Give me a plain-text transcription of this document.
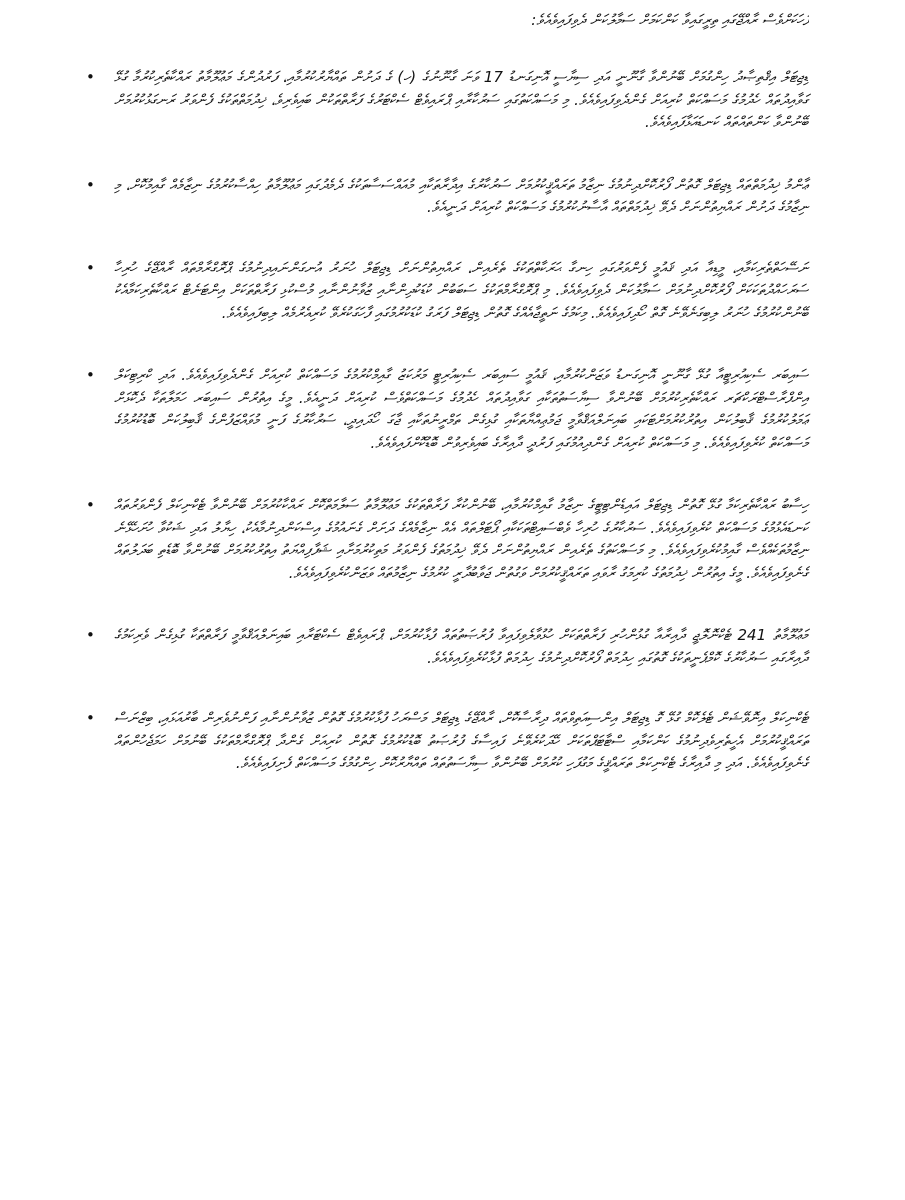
ފަހަކަށްވެސް ރާއްޖޭގައި ތިރީގައިވާ ކަންކަމަށް ސަމާލުކަން ދެވިފައިވެއެވެ:
• ޑިޖިޓަލް އިޤްތިޞާދު ހިންގުމަށް ބޭނުންވާ ގާނޫނީ އަދި ސިޔާސީ އޮނިގަނޑު 17 ވަނަ ގާނޫނުގެ (ހ) ގެ ދަށުން ތައްޔާރުކުރުމާއި، ފަރުދުންގެ މަޢުލޫމާތު ރައްކާތެރިކުރުމާ ގުޅޭ ގަވާއިދުތައް ހެދުމުގެ މަސައްކަތް ކުރިއަށް ގެންދެވިފައިވެއެވެ. މި މަސައްކަތުގައި ސަރުކާރާއި ޕްރައިވެޓް ސެކްޓަރުގެ ފަރާތްތަކުން ބައިވެރިވެ، ޚިދުމަތްތަކުގެ ފެންވަރު ރަނގަޅުކުރުމަށް ބޭނުންވާ ކަންތައްތައް ކަނޑައަޅާފައިވެއެވެ.
• ޢާންމު ޚިދުމަތްތައް ޑިޖިޓަލް ގޮތުން ފޯރުކޮށްދިނުމުގެ ނިޒާމު ތަރައްޤީކުރުމަށް ސަރުކާރުގެ އިދާރާތަކާއި މުއައްސަސާތަކުގެ ދެމެދުގައި މަޢުލޫމާތު ހިއްސާކުރުމުގެ ނިޒާމެއް ގާއިމުކޮށް، މި ނިޒާމުގެ ދަށުން ރައްޔިތުންނަށް ދެވޭ ޚިދުމަތްތައް އާސާނުކުރުމުގެ މަސައްކަތް ކުރިއަށް ދަނީއެވެ.
• ނަސޭހަތްތެރިކަމާއި، މީޑިއާ އަދި ޤައުމީ ފެންވަރުގައި ހިނގާ ޙަރަކާތްތަކުގެ ތެރެއިން، ރައްޔިތުންނަށް ޑިޖިޓަލް ހުނަރު އުނގަންނައިދިނުމުގެ ޕްރޮގްރާމްތައް ރާއްޖޭގެ ހުރިހާ ސަރަހައްދުތަކަކަށް ފޯރުކޮށްދިނުމަށް ސަމާލުކަން ދެވިފައިވެއެވެ. މި ޕްރޮގްރާމްތަކުގެ ސަބަބުން ކުޑަކުދިންނާއި ޒުވާނުންނާއި މުސްކުޅި ފަރާތްތަކަށް އިންޓަނެޓް ރައްކާތެރިކަމާއެކު ބޭނުންކުރުމުގެ ހުނަރު ލިބިގަނެވޭނެ ގޮތް ހޯދިފައިވެއެވެ. މިކަމުގެ ނަތީޖާއެއްގެ ގޮތުން ޑިޖިޓަލް ފަރަގު ކުޑަކުރުމުގައި ފާހަގަކުރެވޭ ކުރިއެރުމެއް ލިބިފައިވެއެވެ.
• ސައިބަރ ސެކިއުރިޓީއާ ގުޅޭ ގާނޫނީ އޮނިގަނޑު ވަޒަންކުރުމާއި، ޤައުމީ ސައިބަރ ސެކިއުރިޓީ މަރުކަޒު ގާއިމްކުރުމުގެ މަސައްކަތް ކުރިއަށް ގެންދެވިފައިވެއެވެ. އަދި ކްރިޓިކަލް އިންފްރާސްޓްރަކްޗަރ ރައްކާތެރިކުރުމަށް ބޭނުންވާ ސިޔާސަތުތަކާއި ގަވާއިދުތައް ހެދުމުގެ މަސައްކަތްވެސް ކުރިއަށް ދަނީއެވެ. މީގެ އިތުރުން ސައިބަރ ހަމަލާތަކާ ދެކޮޅަށް ޢަމަލުކުރުމުގެ ޤާބިލުކަން އިތުރުކުރުމަށްޓަކައި ބައިނަލްއަޤްވާމީ ޖަމުޢިއްޔާތަކާއި ގުޅިގެން ތަމްރީނުތަކާއި ޖާގަ ހޯދައިދީ، ސަރުކާރުގެ ފަނީ މުވައްޒަފުންގެ ޤާބިލުކަން ބޮޑުކުރުމުގެ މަސައްކަތް ކުރެވިފައިވެއެވެ. މި މަސައްކަތް ކުރިއަށް ގެންދިއުމުގައި ފަރުދީ ދާއިރާގެ ބައިވެރިވުން ބޮޑުކޮށްފައިވެއެވެ.
• ހިސާބު ރައްކާތެރިކަމާ ގުޅޭ ގޮތުން ޑިޖިޓަލް އައިޑެންޓިޓީގެ ނިޒާމު ގާއިމްކުރުމާއި، ބޭނުންކުރާ ފަރާތްތަކުގެ މަޢުލޫމާތު ސަލާމަތްކޮށް ރައްކާކުރުމަށް ބޭނުންވާ ޓެކްނިކަލް ފެންވަރުތައް ކަނޑައެޅުމުގެ މަސައްކަތް ކުރެވިފައިވެއެވެ. ސަރުކާރުގެ ހުރިހާ ވެބްސައިޓްތަކަކާއި ޕޯޓަލްތައް އެއް ނިޒާމެއްގެ ދަށަށް ގެނައުމުގެ އިސްކަންދިނުމާއެކު، ހިޔާލު އަދި ޝަކުވާ ހުށަހެޅޭނެ ނިޒާމުތަކެއްވެސް ގާއިމުކުރެވިފައިވެއެވެ. މި މަސައްކަތުގެ ތެރެއިން ރައްޔިތުންނަށް ދެވޭ ޚިދުމަތުގެ ފެންވަރު މަތިކުރުމަށާއި ޝަފާފިއްޔަތު އިތުރުކުރުމަށް ބޭނުންވާ ބޮޑެތި ބަދަލުތައް ގެނެވިފައިވެއެވެ. މީގެ އިތުރުން ޚިދުމަތުގެ ކުރިމަގު ރާވައި ތަރައްޤީކުރުމަށް ވަގުތުން ޖަވާބުދާރީ ކުރުމުގެ ނިޒާމުތައް ވަޒަންކުރެވިފައިވެއެވެ.
• މަޢުލޫމާތު 241 ޓެކްނޮލޮޖީ ދާއިރާއާ ގުޅުންހުރި ފަރާތްތަކަށް ހުޅުވާލެވިފައިވާ ފުރުޞަތުތައް ފުޅާކުރުމަށް، ޕްރައިވެޓް ސެކްޓަރާއި ބައިނަލްއަޤްވާމީ ފަރާތްތަކާ ގުޅިގެން ވެރިކަމުގެ ދާއިރާގައި ސަރުކާރުގެ ކޮމްޕެނީތަކުގެ ގޮތުގައި ހިދުމަތް ފޯރުކޮށްދިނުމުގެ ހިދުމަތް ފުޅާކުރެވިފައިވެއެވެ.
• ޓެކްނިކަލް އިނޮވޭޝަން ޓެލެކޮމް ގުޅޭ ގޮ ޑިޖިޓަލް އިންސިއަތިވްތައް ދިރާސާކޮށް، ރާއްޖޭގެ ޑިޖިޓަލް މަސްރަހު ފުޅާކުރުމުގެ ގޮތުން ޒުވާނުންނާއި ފަންނުވެރިން ބާރުއަޅައި، ބިޒްނަސް ތަރައްޤީކުރުމަށް އެހީތެރިވެދިނުމުގެ ކަންކަމާއި ސްޓާޓަޕްތަކަށް ހޭދަކުރެވޭނެ ފައިސާގެ ފުރުޞަތު ބޮޑުކުރުމުގެ ގޮތުން ކުރިއަށް ގެންދާ ޕްރޮގްރާމްތަކުގެ ބޭނުމަށް ހަމަޖެހުންތައް ގެނެވިފައިވެއެވެ. އަދި މި ދާއިރާގެ ޓެކްނިކަލް ތަރައްޤީގެ މަގުފަހި ކުރުމަށް ބޭނުންވާ ސިޔާސަތުތައް ތައްޔާރުކޮށް ހިންގުމުގެ މަސައްކަތް ފެށިފައިވެއެވެ.
